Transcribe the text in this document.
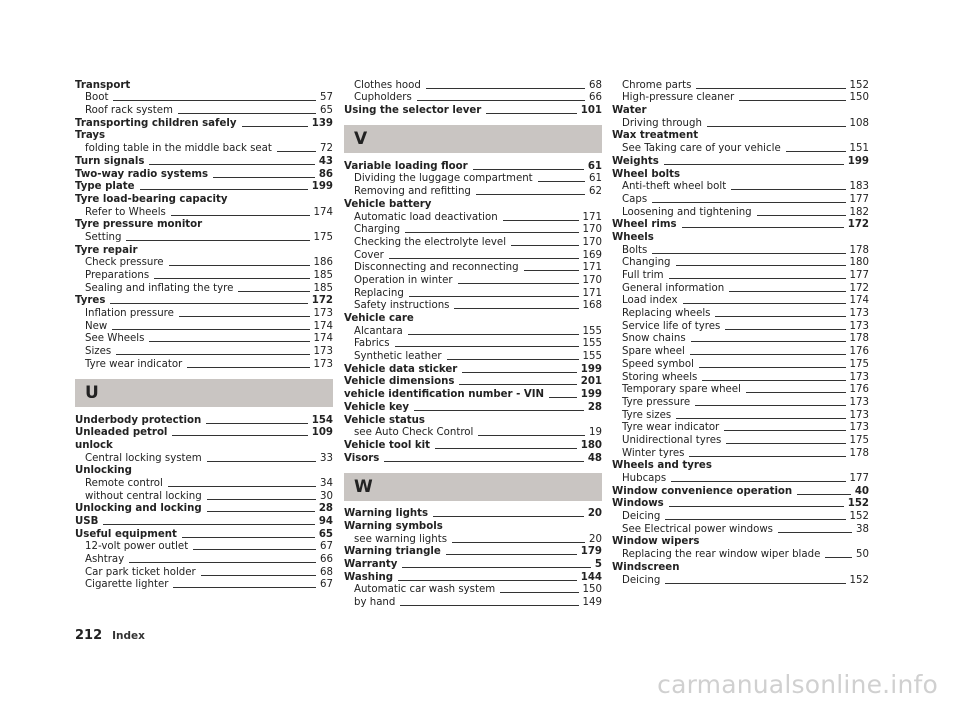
Transport
Boot	57
Roof rack system	65
Transporting children safely	139
Trays
folding table in the middle back seat	72
Turn signals	43
Two-way radio systems	86
Type plate	199
Tyre load-bearing capacity
Refer to Wheels	174
Tyre pressure monitor
Setting	175
Tyre repair
Check pressure	186
Preparations	185
Sealing and inflating the tyre	185
Tyres	172
Inflation pressure	173
New	174
See Wheels	174
Sizes	173
Tyre wear indicator	173
U
Underbody protection	154
Unleaded petrol	109
unlock
Central locking system	33
Unlocking
Remote control	34
without central locking	30
Unlocking and locking	28
USB	94
Useful equipment	65
12-volt power outlet	67
Ashtray	66
Car park ticket holder	68
Cigarette lighter	67
Clothes hood	68
Cupholders	66
Using the selector lever	101
V
Variable loading floor	61
Dividing the luggage compartment	61
Removing and refitting	62
Vehicle battery
Automatic load deactivation	171
Charging	170
Checking the electrolyte level	170
Cover	169
Disconnecting and reconnecting	171
Operation in winter	170
Replacing	171
Safety instructions	168
Vehicle care
Alcantara	155
Fabrics	155
Synthetic leather	155
Vehicle data sticker	199
Vehicle dimensions	201
vehicle identification number - VIN	199
Vehicle key	28
Vehicle status
see Auto Check Control	19
Vehicle tool kit	180
Visors	48
W
Warning lights	20
Warning symbols
see warning lights	20
Warning triangle	179
Warranty	5
Washing	144
Automatic car wash system	150
by hand	149
Chrome parts	152
High-pressure cleaner	150
Water
Driving through	108
Wax treatment
See Taking care of your vehicle	151
Weights	199
Wheel bolts
Anti-theft wheel bolt	183
Caps	177
Loosening and tightening	182
Wheel rims	172
Wheels
Bolts	178
Changing	180
Full trim	177
General information	172
Load index	174
Replacing wheels	173
Service life of tyres	173
Snow chains	178
Spare wheel	176
Speed symbol	175
Storing wheels	173
Temporary spare wheel	176
Tyre pressure	173
Tyre sizes	173
Tyre wear indicator	173
Unidirectional tyres	175
Winter tyres	178
Wheels and tyres
Hubcaps	177
Window convenience operation	40
Windows	152
Deicing	152
See Electrical power windows	38
Window wipers
Replacing the rear window wiper blade	50
Windscreen
Deicing	152
212 Index
carmanualsonline.info
